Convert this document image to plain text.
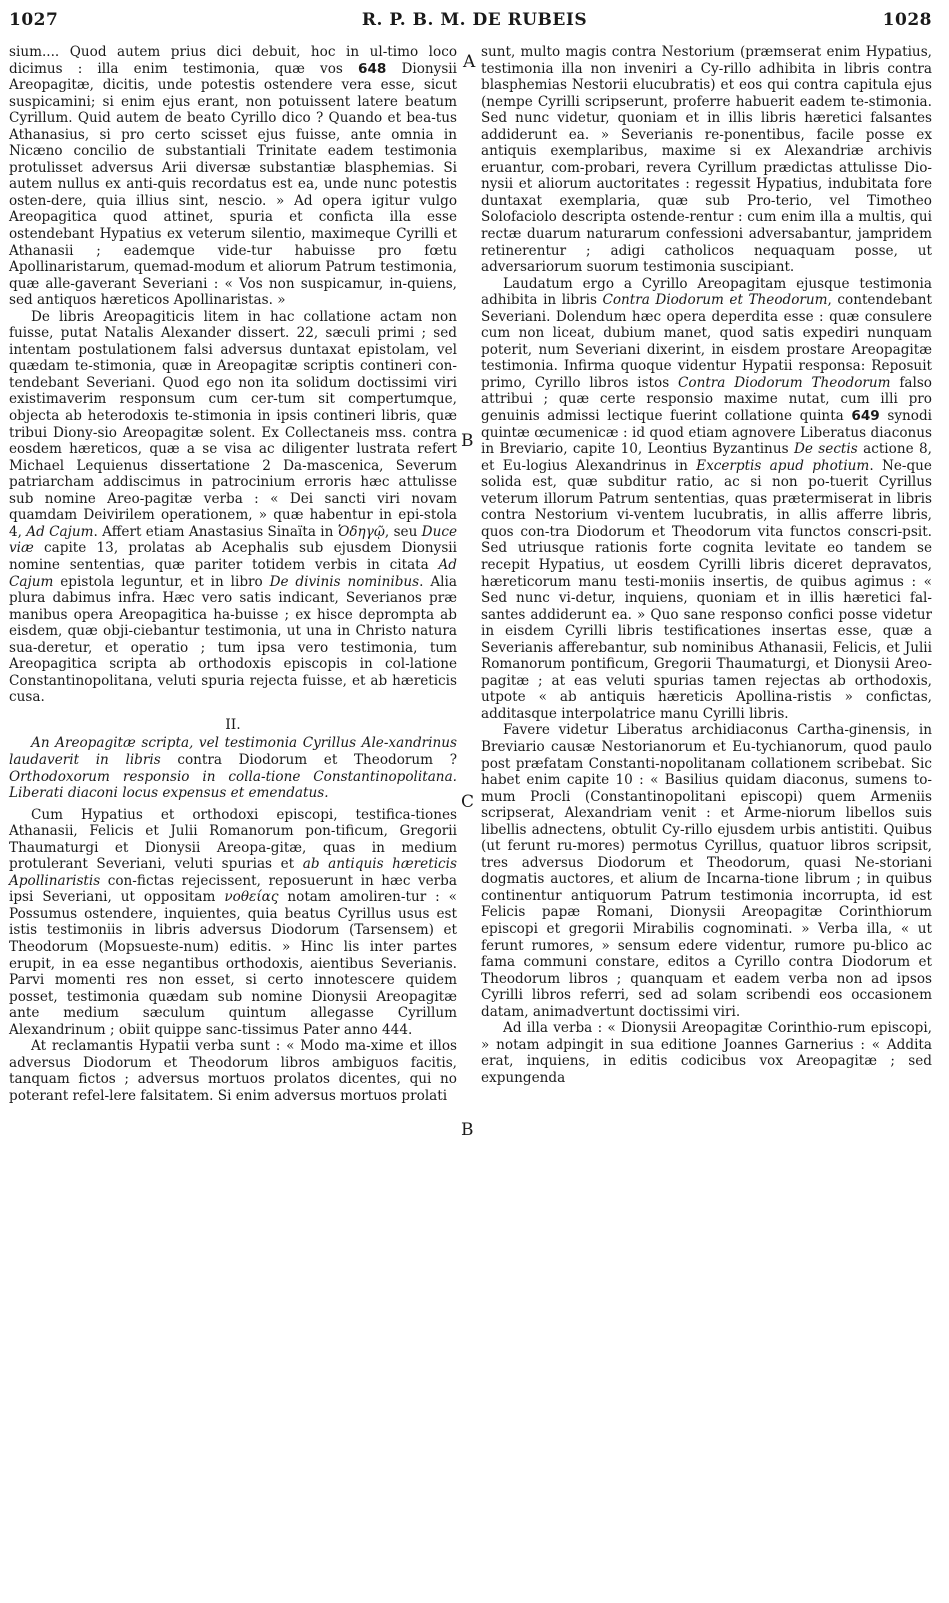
1027	R. P. B. M. DE RUBEIS	1028
A
B
C
B

sium.... Quod autem prius dici debuit, hoc in ul-timo loco dicimus : illa enim testimonia, quæ vos 648 Dionysii Areopagitæ, dicitis, unde potestis ostendere vera esse, sicut suspicamini; si enim ejus erant, non potuissent latere beatum Cyrillum. Quid autem de beato Cyrillo dico ? Quando et bea-tus Athanasius, si pro certo scisset ejus fuisse, ante omnia in Nicæno concilio de substantiali Trinitate eadem testimonia protulisset adversus Arii diversæ substantiæ blasphemias. Si autem nullus ex anti-quis recordatus est ea, unde nunc potestis osten-dere, quia illius sint, nescio. » Ad opera igitur vulgo Areopagitica quod attinet, spuria et conficta illa esse ostendebant Hypatius ex veterum silentio, maximeque Cyrilli et Athanasii ; eademque vide-tur habuisse pro fœtu Apollinaristarum, quemad-modum et aliorum Patrum testimonia, quæ alle-gaverant Severiani : « Vos non suspicamur, in-quiens, sed antiquos hæreticos Apollinaristas. »

De libris Areopagiticis litem in hac collatione actam non fuisse, putat Natalis Alexander dissert. 22, sæculi primi ; sed intentam postulationem falsi adversus duntaxat epistolam, vel quædam te-stimonia, quæ in Areopagitæ scriptis contineri con-tendebant Severiani. Quod ego non ita solidum doctissimi viri existimaverim responsum cum cer-tum sit compertumque, objecta ab heterodoxis te-stimonia in ipsis contineri libris, quæ tribui Diony-sio Areopagitæ solent. Ex Collectaneis mss. contra eosdem hæreticos, quæ a se visa ac diligenter lustrata refert Michael Lequienus dissertatione 2 Da-mascenica, Severum patriarcham addiscimus in patrocinium erroris hæc attulisse sub nomine Areo-pagitæ verba : « Dei sancti viri novam quamdam Deivirilem operationem, » quæ habentur in epi-stola 4, Ad Cajum. Affert etiam Anastasius Sinaïta in Ὁδηγῷ, seu Duce viæ capite 13, prolatas ab Acephalis sub ejusdem Dionysii nomine sententias, quæ pariter totidem verbis in citata Ad Cajum epistola leguntur, et in libro De divinis nominibus. Alia plura dabimus infra. Hæc vero satis indicant, Severianos præ manibus opera Areopagitica ha-buisse ; ex hisce deprompta ab eisdem, quæ obji-ciebantur testimonia, ut una in Christo natura sua-deretur, et operatio ; tum ipsa vero testimonia, tum Areopagitica scripta ab orthodoxis episcopis in col-latione Constantinopolitana, veluti spuria rejecta fuisse, et ab hæreticis cusa.

II.

An Areopagitæ scripta, vel testimonia Cyrillus Ale-xandrinus laudaverit in libris contra Diodorum et Theodorum ? Orthodoxorum responsio in colla-tione Constantinopolitana. Liberati diaconi locus expensus et emendatus.

Cum Hypatius et orthodoxi episcopi, testifica-tiones Athanasii, Felicis et Julii Romanorum pon-tificum, Gregorii Thaumaturgi et Dionysii Areopa-gitæ, quas in medium protulerant Severiani, veluti spurias et ab antiquis hæreticis Apollinaristis con-fictas rejecissent, reposuerunt in hæc verba ipsi Severiani, ut oppositam νοθείας notam amoliren-tur : « Possumus ostendere, inquientes, quia beatus Cyrillus usus est istis testimoniis in libris adversus Diodorum (Tarsensem) et Theodorum (Mopsueste-num) editis. » Hinc lis inter partes erupit, in ea esse negantibus orthodoxis, aientibus Severianis. Parvi momenti res non esset, si certo innotescere quidem posset, testimonia quædam sub nomine Dionysii Areopagitæ ante medium sæculum quintum allegasse Cyrillum Alexandrinum ; obiit quippe sanc-tissimus Pater anno 444.

At reclamantis Hypatii verba sunt : « Modo ma-xime et illos adversus Diodorum et Theodorum libros ambiguos facitis, tanquam fictos ; adversus mortuos prolatos dicentes, qui no poterant refel-lere falsitatem. Si enim adversus mortuos prolati

sunt, multo magis contra Nestorium (præmserat enim Hypatius, testimonia illa non inveniri a Cy-rillo adhibita in libris contra blasphemias Nestorii elucubratis) et eos qui contra capitula ejus (nempe Cyrilli scripserunt, proferre habuerit eadem te-stimonia. Sed nunc videtur, quoniam et in illis libris hæretici falsantes addiderunt ea. » Severianis re-ponentibus, facile posse ex antiquis exemplaribus, maxime si ex Alexandriæ archivis eruantur, com-probari, revera Cyrillum prædictas attulisse Dio-nysii et aliorum auctoritates : regessit Hypatius, indubitata fore duntaxat exemplaria, quæ sub Pro-terio, vel Timotheo Solofaciolo descripta ostende-rentur : cum enim illa a multis, qui rectæ duarum naturarum confessioni adversabantur, jampridem retinerentur ; adigi catholicos nequaquam posse, ut adversariorum suorum testimonia suscipiant.

Laudatum ergo a Cyrillo Areopagitam ejusque testimonia adhibita in libris Contra Diodorum et Theodorum, contendebant Severiani. Dolendum hæc opera deperdita esse : quæ consulere cum non liceat, dubium manet, quod satis expediri nunquam poterit, num Severiani dixerint, in eisdem prostare Areopagitæ testimonia. Infirma quoque videntur Hypatii responsa: Reposuit primo, Cyrillo libros istos Contra Diodorum Theodorum falso attribui ; quæ certe responsio maxime nutat, cum illi pro genuinis admissi lectique fuerint collatione quinta 649 synodi quintæ œcumenicæ : id quod etiam agnovere Liberatus diaconus in Breviario, capite 10, Leontius Byzantinus De sectis actione 8, et Eu-logius Alexandrinus in Excerptis apud photium. Ne-que solida est, quæ subditur ratio, ac si non po-tuerit Cyrillus veterum illorum Patrum sententias, quas prætermiserat in libris contra Nestorium vi-ventem lucubratis, in allis afferre libris, quos con-tra Diodorum et Theodorum vita functos conscri-psit. Sed utriusque rationis forte cognita levitate eo tandem se recepit Hypatius, ut eosdem Cyrilli libris diceret depravatos, hæreticorum manu testi-moniis insertis, de quibus agimus : « Sed nunc vi-detur, inquiens, quoniam et in illis hæretici fal-santes addiderunt ea. » Quo sane responso confici posse videtur in eisdem Cyrilli libris testificationes insertas esse, quæ a Severianis afferebantur, sub nominibus Athanasii, Felicis, et Julii Romanorum pontificum, Gregorii Thaumaturgi, et Dionysii Areo-pagitæ ; at eas veluti spurias tamen rejectas ab orthodoxis, utpote « ab antiquis hæreticis Apollina-ristis » confictas, additasque interpolatrice manu Cyrilli libris.

Favere videtur Liberatus archidiaconus Cartha-ginensis, in Breviario causæ Nestorianorum et Eu-tychianorum, quod paulo post præfatam Constanti-nopolitanam collationem scribebat. Sic habet enim capite 10 : « Basilius quidam diaconus, sumens to-mum Procli (Constantinopolitani episcopi) quem Armeniis scripserat, Alexandriam venit : et Arme-niorum libellos suis libellis adnectens, obtulit Cy-rillo ejusdem urbis antistiti. Quibus (ut ferunt ru-mores) permotus Cyrillus, quatuor libros scripsit, tres adversus Diodorum et Theodorum, quasi Ne-storiani dogmatis auctores, et alium de Incarna-tione librum ; in quibus continentur antiquorum Patrum testimonia incorrupta, id est Felicis papæ Romani, Dionysii Areopagitæ Corinthiorum episcopi et gregorii Mirabilis cognominati. » Verba illa, « ut ferunt rumores, » sensum edere videntur, rumore pu-blico ac fama communi constare, editos a Cyrillo contra Diodorum et Theodorum libros ; quanquam et eadem verba non ad ipsos Cyrilli libros referri, sed ad solam scribendi eos occasionem datam, animadvertunt doctissimi viri.

Ad illa verba : « Dionysii Areopagitæ Corinthio-rum episcopi, » notam adpingit in sua editione Joannes Garnerius : « Addita erat, inquiens, in editis codicibus vox Areopagitæ ; sed expungenda
